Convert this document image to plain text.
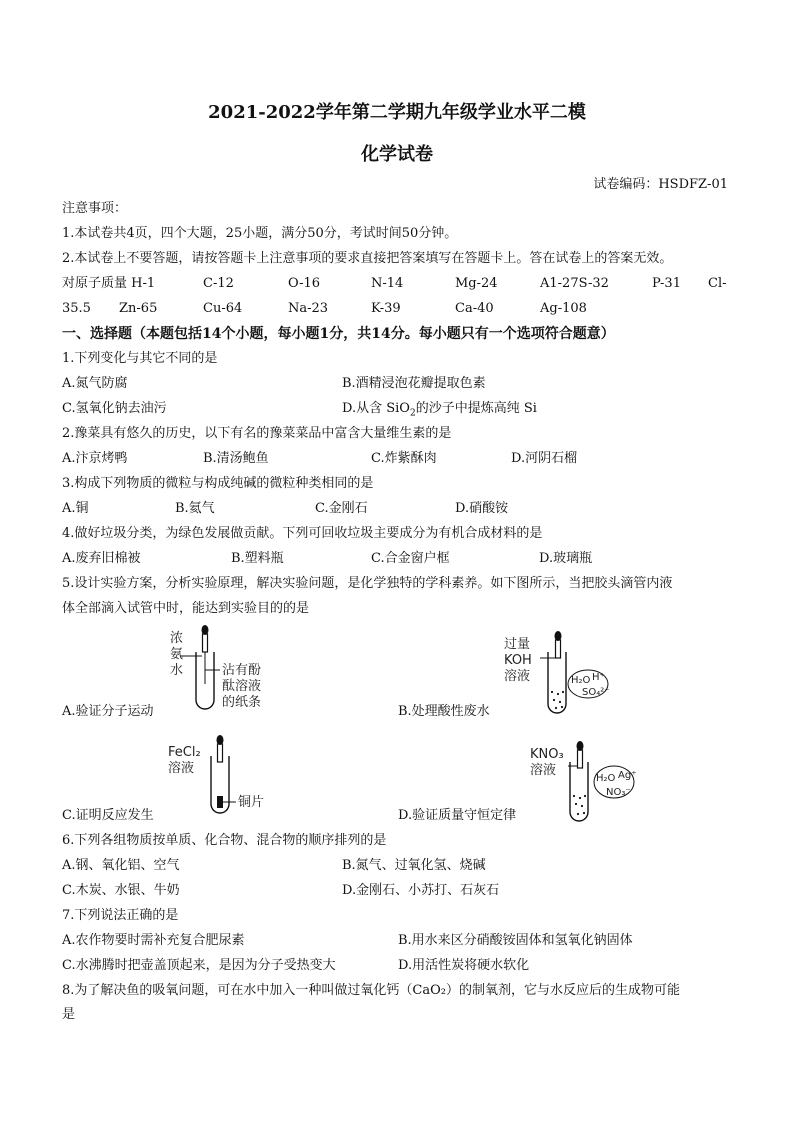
2021-2022学年第二学期九年级学业水平二模
化学试卷
试卷编码：HSDFZ-01
注意事项：
1.本试卷共4页，四个大题，25小题，满分50分，考试时间50分钟。
2.本试卷上不要答题，请按答题卡上注意事项的要求直接把答案填写在答题卡上。答在试卷上的答案无效。
对原子质量 H-1	C-12	O-16	N-14	Mg-24	A1-27S-32	P-31 Cl-
35.5 Zn-65	Cu-64	Na-23	K-39	Ca-40	Ag-108
一、选择题（本题包括14个小题，每小题1分，共14分。每小题只有一个选项符合题意）
1.下列变化与其它不同的是
A.氮气防腐	B.酒精浸泡花瓣提取色素
C.氢氧化钠去油污	D.从含 SiO$_2$的沙子中提炼高纯 Si
2.豫菜具有悠久的历史，以下有名的豫菜菜品中富含大量维生素的是
A.汴京烤鸭	B.清汤鲍鱼	C.炸紫酥肉	D.河阴石榴
3.构成下列物质的微粒与构成纯碱的微粒种类相同的是
A.铜	B.氦气	C.金刚石	D.硝酸铵
4.做好垃圾分类，为绿色发展做贡献。下列可回收垃圾主要成分为有机合成材料的是
A.废弃旧棉被	B.塑料瓶	C.合金窗户框	D.玻璃瓶
5.设计实验方案，分析实验原理，解决实验问题，是化学独特的学科素养。如下图所示，当把胶头滴管内液
体全部滴入试管中时，能达到实验目的的是
浓
氨
水	沾有酚
酞溶液
的纸条
A.验证分子运动
过量
KOH
溶液	H₂O H⁺
SO₄²⁻
B.处理酸性废水
FeCl₂
溶液
铜片
C.证明反应发生
KNO₃
溶液
H₂O Ag⁺
NO₃⁻
D.验证质量守恒定律
6.下列各组物质按单质、化合物、混合物的顺序排列的是
A.钢、氧化铝、空气	B.氮气、过氧化氢、烧碱
C.木炭、水银、牛奶	D.金刚石、小苏打、石灰石
7.下列说法正确的是
A.农作物要时需补充复合肥尿素	B.用水来区分硝酸铵固体和氢氧化钠固体
C.水沸腾时把壶盖顶起来，是因为分子受热变大	D.用活性炭将硬水软化
8.为了解决鱼的吸氧问题，可在水中加入一种叫做过氧化钙（CaO₂）的制氧剂，它与水反应后的生成物可能
是
